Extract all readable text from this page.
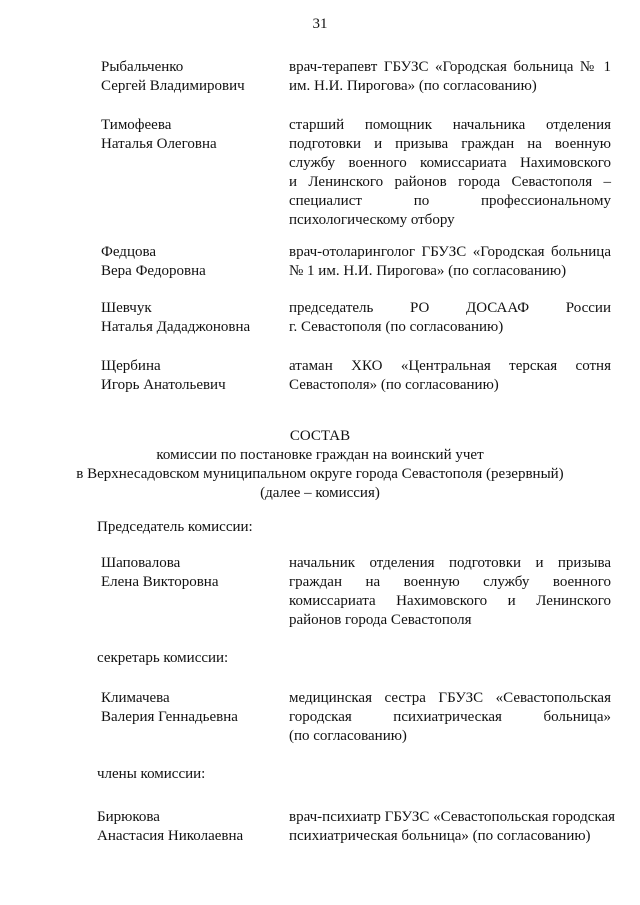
31
Рыбальченко
Сергей Владимирович
врач-терапевт ГБУЗС «Городская больница № 1
им. Н.И. Пирогова» (по согласованию)
Тимофеева
Наталья Олеговна
старший помощник начальника отделения
подготовки и призыва граждан на военную
службу военного комиссариата Нахимовского
и Ленинского районов города Севастополя –
специалист по профессиональному
психологическому отбору
Федцова
Вера Федоровна
врач-отоларинголог ГБУЗС «Городская больница
№ 1 им. Н.И. Пирогова» (по согласованию)
Шевчук
Наталья Дададжоновна
председатель РО ДОСААФ России
г. Севастополя (по согласованию)
Щербина
Игорь Анатольевич
атаман ХКО «Центральная терская сотня
Севастополя» (по согласованию)
СОСТАВ
комиссии по постановке граждан на воинский учет
в Верхнесадовском муниципальном округе города Севастополя (резервный)
(далее – комиссия)
Председатель комиссии:
Шаповалова
Елена Викторовна
начальник отделения подготовки и призыва
граждан на военную службу военного
комиссариата Нахимовского и Ленинского
районов города Севастополя
секретарь комиссии:
Климачева
Валерия Геннадьевна
медицинская сестра ГБУЗС «Севастопольская
городская психиатрическая больница»
(по согласованию)
члены комиссии:
Бирюкова
Анастасия Николаевна
врач-психиатр ГБУЗС «Севастопольская городская
психиатрическая больница» (по согласованию)
